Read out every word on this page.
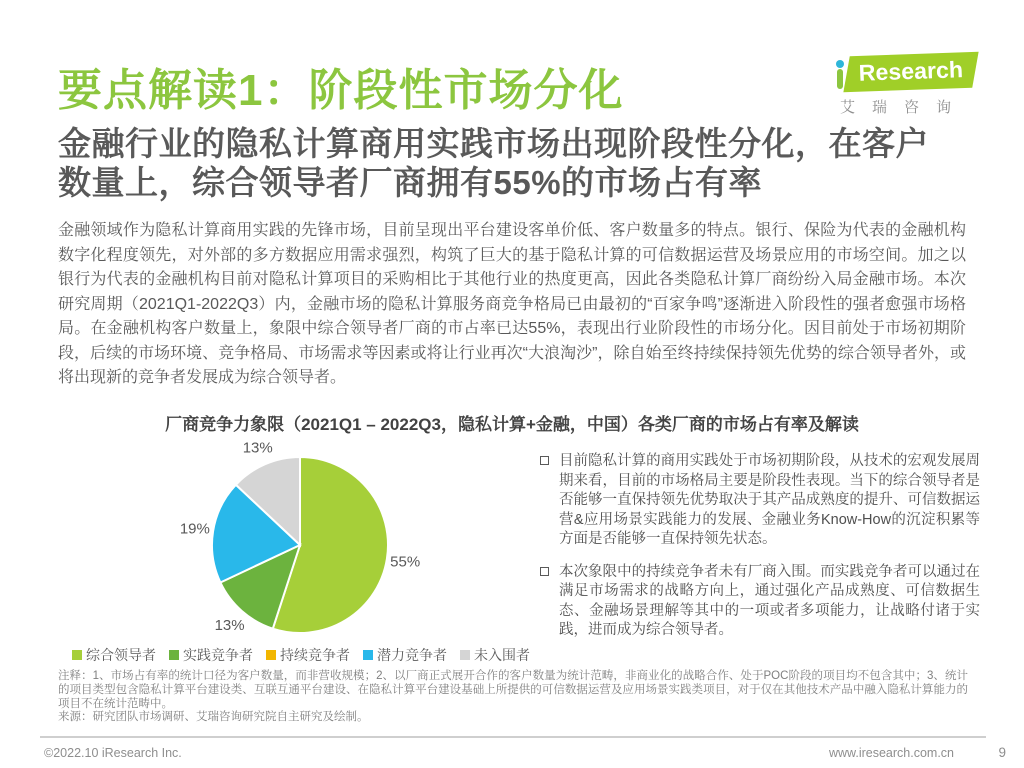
要点解读1：阶段性市场分化	Research
艾瑞咨询
金融行业的隐私计算商用实践市场出现阶段性分化，在客户数量上，综合领导者厂商拥有55%的市场占有率

金融领域作为隐私计算商用实践的先锋市场，目前呈现出平台建设客单价低、客户数量多的特点。银行、保险为代表的金融机构数字化程度领先，对外部的多方数据应用需求强烈，构筑了巨大的基于隐私计算的可信数据运营及场景应用的市场空间。加之以银行为代表的金融机构目前对隐私计算项目的采购相比于其他行业的热度更高，因此各类隐私计算厂商纷纷入局金融市场。本次研究周期（2021Q1-2022Q3）内，金融市场的隐私计算服务商竞争格局已由最初的“百家争鸣”逐渐进入阶段性的强者愈强市场格局。在金融机构客户数量上，象限中综合领导者厂商的市占率已达55%，表现出行业阶段性的市场分化。因目前处于市场初期阶段，后续的市场环境、竞争格局、市场需求等因素或将让行业再次“大浪淘沙”，除自始至终持续保持领先优势的综合领导者外，或将出现新的竞争者发展成为综合领导者。

厂商竞争力象限（2021Q1 – 2022Q3，隐私计算+金融，中国）各类厂商的市场占有率及解读
55%
13%
19%
13%
综合领导者 实践竞争者 持续竞争者 潜力竞争者 未入围者
目前隐私计算的商用实践处于市场初期阶段，从技术的宏观发展周期来看，目前的市场格局主要是阶段性表现。当下的综合领导者是否能够一直保持领先优势取决于其产品成熟度的提升、可信数据运营&应用场景实践能力的发展、金融业务Know-How的沉淀积累等方面是否能够一直保持领先状态。
本次象限中的持续竞争者未有厂商入围。而实践竞争者可以通过在满足市场需求的战略方向上，通过强化产品成熟度、可信数据生态、金融场景理解等其中的一项或者多项能力，让战略付诸于实践，进而成为综合领导者。
注释：1、市场占有率的统计口径为客户数量，而非营收规模；2、以厂商正式展开合作的客户数量为统计范畴，非商业化的战略合作、处于POC阶段的项目均不包含其中；3、统计的项目类型包含隐私计算平台建设类、互联互通平台建设、在隐私计算平台建设基础上所提供的可信数据运营及应用场景实践类项目，对于仅在其他技术产品中融入隐私计算能力的项目不在统计范畴中。
来源：研究团队市场调研、艾瑞咨询研究院自主研究及绘制。
©2022.10 iResearch Inc.	www.iresearch.com.cn	9
